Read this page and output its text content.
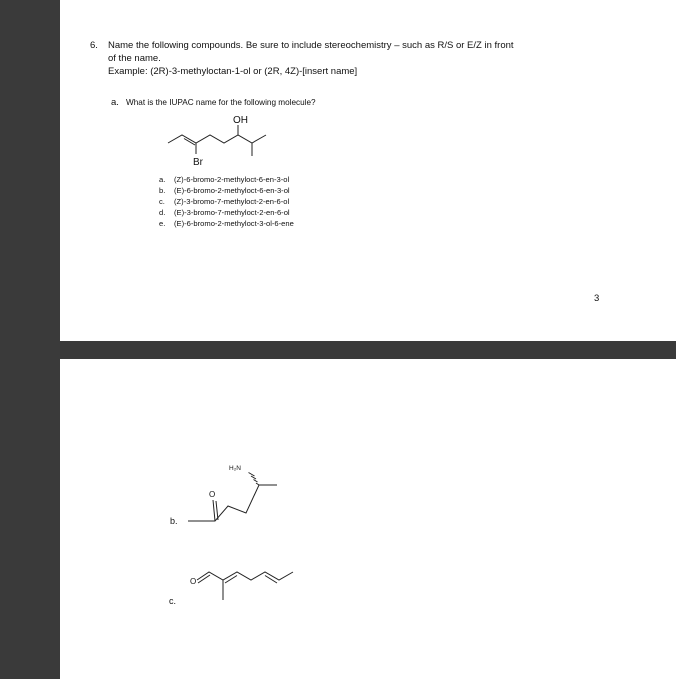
6. Name the following compounds. Be sure to include stereochemistry – such as R/S or E/Z in front
of the name.
Example: (2R)-3-methyloctan-1-ol or (2R, 4Z)-[insert name]
a. What is the IUPAC name for the following molecule?
OH
Br
a. (Z)-6-bromo-2-methyloct-6-en-3-ol
b. (E)-6-bromo-2-methyloct-6-en-3-ol
c. (Z)-3-bromo-7-methyloct-2-en-6-ol
d. (E)-3-bromo-7-methyloct-2-en-6-ol
e. (E)-6-bromo-2-methyloct-3-ol-6-ene
3
O
H₂N
b.
O
c.
